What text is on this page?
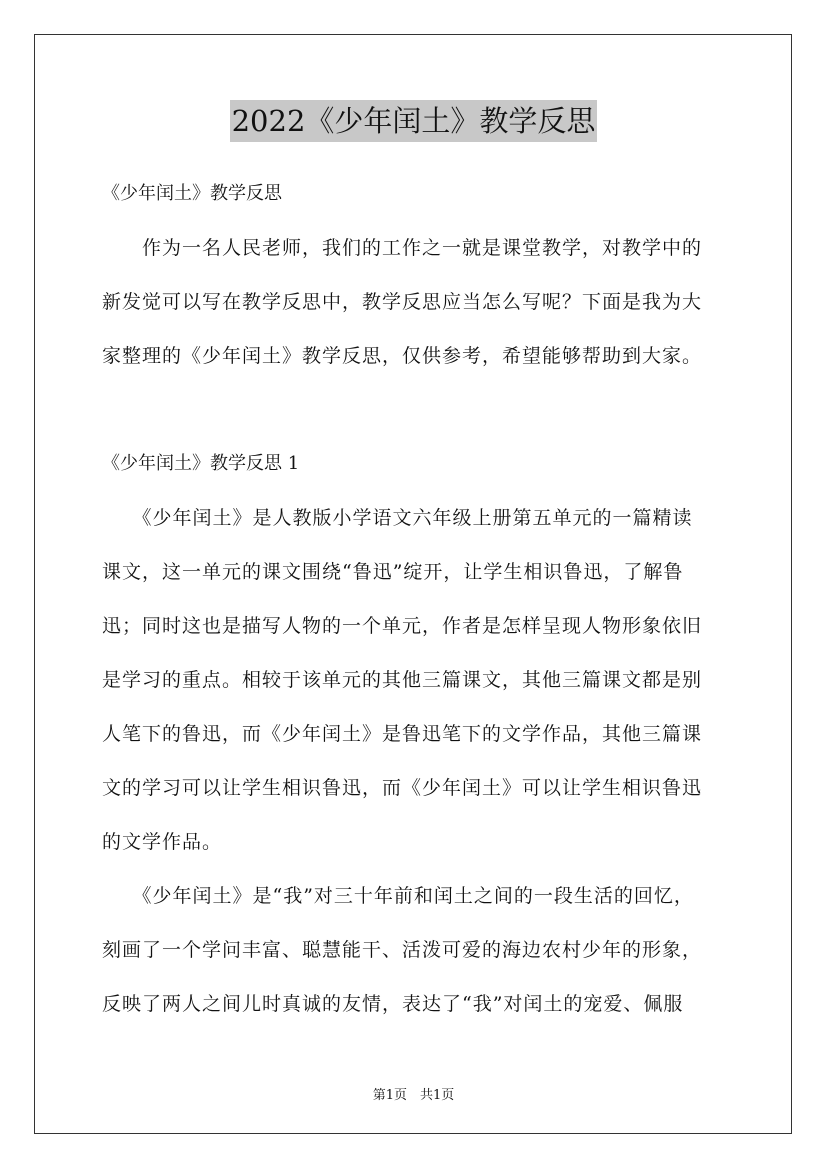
2022《少年闰土》教学反思
《少年闰土》教学反思
　　作为一名人民老师，我们的工作之一就是课堂教学，对教学中的
新发觉可以写在教学反思中，教学反思应当怎么写呢？下面是我为大
家整理的《少年闰土》教学反思，仅供参考，希望能够帮助到大家。
《少年闰土》教学反思 1
　　《少年闰土》是人教版小学语文六年级上册第五单元的一篇精读
课文，这一单元的课文围绕“鲁迅”绽开，让学生相识鲁迅，了解鲁
迅；同时这也是描写人物的一个单元，作者是怎样呈现人物形象依旧
是学习的重点。相较于该单元的其他三篇课文，其他三篇课文都是别
人笔下的鲁迅，而《少年闰土》是鲁迅笔下的文学作品，其他三篇课
文的学习可以让学生相识鲁迅，而《少年闰土》可以让学生相识鲁迅
的文学作品。
　　《少年闰土》是“我”对三十年前和闰土之间的一段生活的回忆，
刻画了一个学问丰富、聪慧能干、活泼可爱的海边农村少年的形象，
反映了两人之间儿时真诚的友情，表达了“我”对闰土的宠爱、佩服
第1页　共1页
